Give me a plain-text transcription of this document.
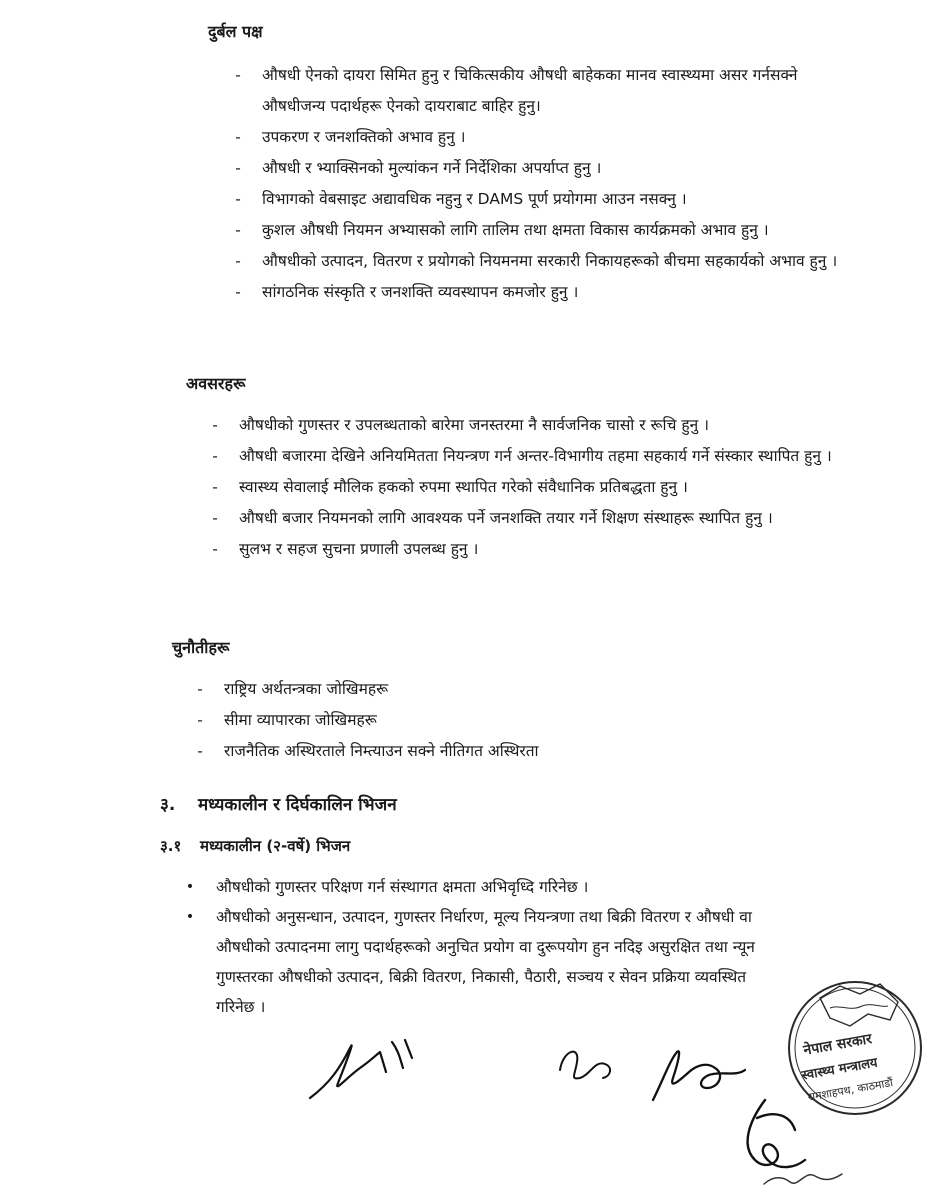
दुर्बल पक्ष
-	औषधी ऐनको दायरा सिमित हुनु र चिकित्सकीय औषधी बाहेकका मानव स्वास्थ्यमा असर गर्नसक्ने औषधीजन्य पदार्थहरू ऐनको दायराबाट बाहिर हुनु।
-	उपकरण र जनशक्तिको अभाव हुनु ।
-	औषधी र भ्याक्सिनको मुल्यांकन गर्ने निर्देशिका अपर्याप्त हुनु ।
-	विभागको वेबसाइट अद्यावधिक नहुनु र DAMS पूर्ण प्रयोगमा आउन नसक्नु ।
-	कुशल औषधी नियमन अभ्यासको लागि तालिम तथा क्षमता विकास कार्यक्रमको अभाव हुनु ।
-	औषधीको उत्पादन, वितरण र प्रयोगको नियमनमा सरकारी निकायहरूको बीचमा सहकार्यको अभाव हुनु ।
-	सांगठनिक संस्कृति र जनशक्ति व्यवस्थापन कमजोर हुनु ।
अवसरहरू
-	औषधीको गुणस्तर र उपलब्धताको बारेमा जनस्तरमा नै सार्वजनिक चासो र रूचि हुनु ।
-	औषधी बजारमा देखिने अनियमितता नियन्त्रण गर्न अन्तर-विभागीय तहमा सहकार्य गर्ने संस्कार स्थापित हुनु ।
-	स्वास्थ्य सेवालाई मौलिक हकको रुपमा स्थापित गरेको संवैधानिक प्रतिबद्धता हुनु ।
-	औषधी बजार नियमनको लागि आवश्यक पर्ने जनशक्ति तयार गर्ने शिक्षण संस्थाहरू स्थापित हुनु ।
-	सुलभ र सहज सुचना प्रणाली उपलब्ध हुनु ।
चुनौतीहरू
-	राष्ट्रिय अर्थतन्त्रका जोखिमहरू
-	सीमा व्यापारका जोखिमहरू
-	राजनैतिक अस्थिरताले निम्त्याउन सक्ने नीतिगत अस्थिरता
३. मध्यकालीन र दिर्घकालिन भिजन
३.१ मध्यकालीन (२-वर्षे) भिजन
•	औषधीको गुणस्तर परिक्षण गर्न संस्थागत क्षमता अभिवृध्दि गरिनेछ ।
•	औषधीको अनुसन्धान, उत्पादन, गुणस्तर निर्धारण, मूल्य नियन्त्रणा तथा बिक्री वितरण र औषधी वा औषधीको उत्पादनमा लागु पदार्थहरूको अनुचित प्रयोग वा दुरूपयोग हुन नदिइ असुरक्षित तथा न्यून गुणस्तरका औषधीको उत्पादन, बिक्री वितरण, निकासी, पैठारी, सञ्चय र सेवन प्रक्रिया व्यवस्थित गरिनेछ ।
नेपाल सरकार
स्वास्थ्य मन्त्रालय
रामशाहपथ, काठमाडौं
